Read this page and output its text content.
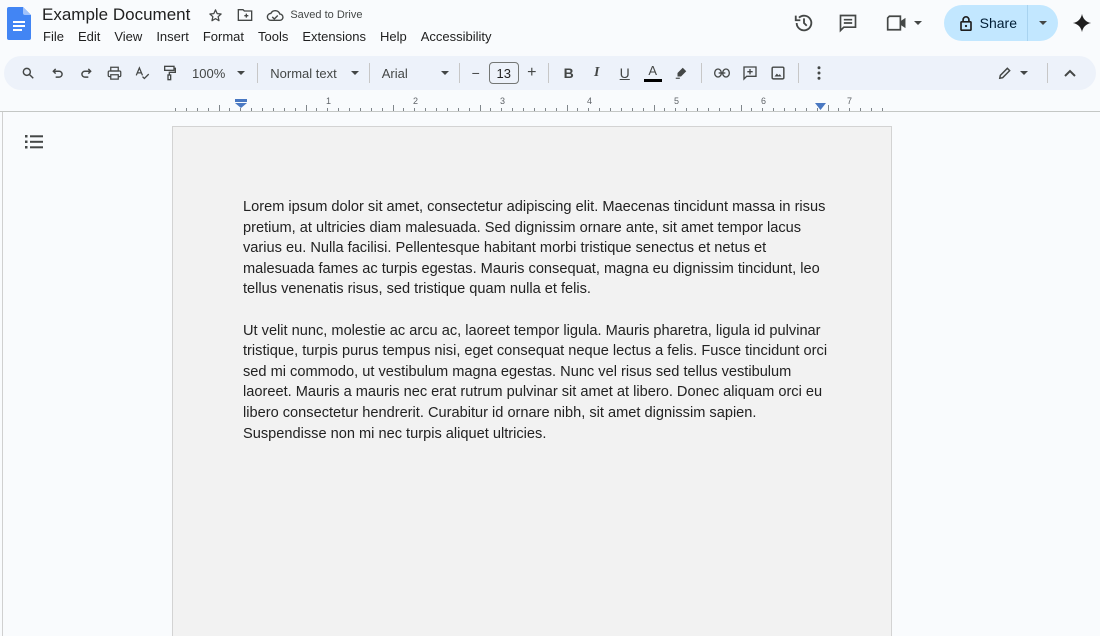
Example Document	Saved to Drive
File Edit View Insert Format Tools Extensions Help Accessibility
Share
100%	Normal text	Arial	−	13	+	B	I	U	A
1	2	3	4	5	6	7

Lorem ipsum dolor sit amet, consectetur adipiscing elit. Maecenas tincidunt massa in risus pretium, at ultricies diam malesuada. Sed dignissim ornare ante, sit amet tempor lacus varius eu. Nulla facilisi. Pellentesque habitant morbi tristique senectus et netus et malesuada fames ac turpis egestas. Mauris consequat, magna eu dignissim tincidunt, leo tellus venenatis risus, sed tristique quam nulla et felis.

Ut velit nunc, molestie ac arcu ac, laoreet tempor ligula. Mauris pharetra, ligula id pulvinar tristique, turpis purus tempus nisi, eget consequat neque lectus a felis. Fusce tincidunt orci sed mi commodo, ut vestibulum magna egestas. Nunc vel risus sed tellus vestibulum laoreet. Mauris a mauris nec erat rutrum pulvinar sit amet at libero. Donec aliquam orci eu libero consectetur hendrerit. Curabitur id ornare nibh, sit amet dignissim sapien. Suspendisse non mi nec turpis aliquet ultricies.
